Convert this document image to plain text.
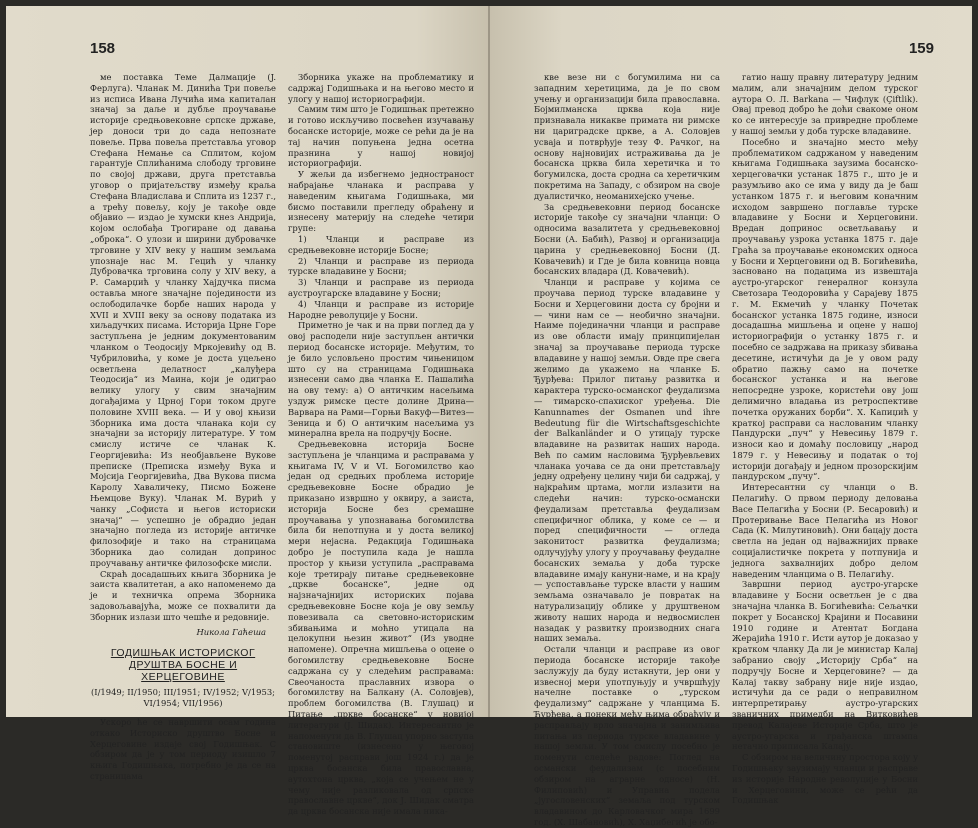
158

ме поставка Теме Далмацијe (J. Ферлуга). Чланак М. Динића Три повеље из исписа Ивана Лучића има капиталан значај за даље и дубље проучавање историје средњовековне српске државе, јер донoси три до сада непознате повеље. Прва повеља претставља уговор Стефана Немање са Сплитом, којом гарантује Сплићанима слободу трговине по својој држави, друга претставља уговор о пријатељству између краља Стефана Владислава и Сплита из 1237 г., а трећу повељу, коју је такође овде објавио — издао је хумски кнез Андрија, којом ослобађа Трогиране од давања „оброка“. О улози и ширини дубровачке трговине у XIV веку у нашим земљама упознаје нас М. Гецић у чланку Дубровачка трговина солу у XIV веку, а Р. Самарџић у чланку Хајдучка писма оставља многе значајне појединости из ослободилачке борбе наших народа у XVII и XVIII веку за основу података из хиљадучких писама. Историја Црне Горе заступљена је једним документованим чланком о Теодосију Мркојевићу од В. Чубриловића, у коме је доста уцељено осветљена делатност „калуђера Теодосија“ из Маина, који је одигрaо велику улогу у свим значајним догађајима у Црној Гори током друге половине XVIII века. — И у овој књизи Зборника има доста чланака који су значајни за историју литературе. У том смислу истиче се чланак К. Георгијевића: Из необјављене Вукове преписке (Преписка између Вука и Мојсија Георгијевића, Два Вукова писма Каролу Хаваличеку, Писмо Божене Њемцове Вуку). Чланак М. Вурић у чанку „Софистa и његов историски значај“ — успешно је обрадио један значајно погледа из историје античке филозофије и тако на страницама Зборника дао солидан допринос проучавању античке филозофске мисли.

Скраћ досадашњих књига Зборника је заиста квалитетан, а ако напоменемо да је и техничка опрема Зборника задовољавајућа, може се похвалити да Зборник излази што чешће и редовније.

Никола Гаћеша
ГОДИШЊАК ИСТОРИСКОГ ДРУШТВА БОСНЕ И ХЕРЦЕГОВИНЕ
(I/1949; II/1950; III/1951; IV/1952; V/1953; VI/1954; VII/1956)

Ускоро ће се навршити осам година откако Историско друштво Босне и Херцеговине издаје свој Годишњак. С обзиром да је у том периоду изишло 7 књига Годишњака, потребно је да се на страницама

Зборника укаже на проблематику и садржај Годишњака и на његово место и улогу у нашој историографији.

Самим тим што је Годишњак претежно и готово искључиво посвећен изучавању босанске историје, може се рећи да је на тај начин попуњена једна осетна празнина у нашој новијој историографији.

У жељи да избегнемо једностраност набрајање чланака и расправа у наведеним књигама Годишњака, ми бисмо поставили прегледу обраћену и изнесену материју на следеће четири групе:

1) Чланци и расправе из средњевековне историје Босне;

2) Чланци и расправе из периода турске владавине у Босни;

3) Чланци и расправе из периода аустроугарске владавине у Босни;

4) Чланци и расправе из историје Народне револуције у Босни.

Приметно је чак и на први поглед да у овој расподели није заступљен антички период босанске историје. Међутим, то је било условљено простим чињеницом што су на страницама Годишњака изнесени само два чланка Е. Пашалића на ову тему: а) О античким насељима уздуж римске цесте долине Дрина—Варвара на Рами—Горњи Вакуф—Витез—Зеница и б) О античким насељима уз минерална врела на подручју Босне.

Средњевековна историја Босне заступљена је чланцима и расправама у књигама IV, V и VI. Богомилство као један од средњих проблема историје средњевековне Босне обрадио је приказанo извршно у оквиру, а заиста, историја Босне без сремашне проучавања у упознавања богомилства била би непотпуна и у доста великој мери нејасна. Редакција Годишњака добро је поступила када је нашла простор у књизи уступила „расправама које третирају питање средњевековне „црквe босанскe“, једне од најзначајнијих историских појава средњевековне Босне која је ову земљу повезивала са световно-историским збивањима и мoћно утицала на целокупни њезин живот“ (Из уводне напомене). Опречна мишљења о оцене о богомилству средњевековне Босне садржана су у следећим расправама: Свеочаноста праславних извора о богомилству на Балкану (А. Соловјев), проблем богомилства (В. Глушац) и Питање „цркве босанскe“ у новијој литератури (Ј. Шидак). Интересантно је напоменути да В. Глушац упорно заступа становиште (изнесено у његовој поменутој расправи још 1924 г.) да је црква босанска била православна, аутохтона црква, „која се учењем не у чему није разликовала од српске православне цркве“, док Ј. Шидак сматра да црква босанска није имала ника-

159

кве везе ни с богумилима ни са западним херетицима, да је по свом учењу и организацији била православна. Бојмилманска црква која није признавала никакве примата ни римске ни цариградске цркве, а А. Соловјев усваја и потврђује тезу Ф. Рачког, на основу најновијих истраживања да је босанска црква била херетичка и то богумилска, доста сродна са херетичким покретима на Западу, с обзиром на своје дуалистичко, неоманихејско учење.

За средњевековни период босанске историје такође су значајни чланци: О односима вазалитета у средњевековној Босни (А. Бабић), Развој и организација царина у средњевековној Босни (Д. Ковачевић) и Где је била ковница новца босанских владара (Д. Ковачевић).

Чланци и расправе у којима се проучава период турске владавине у Босни и Херцеговини доста су бројни и — чини нам се — необично значајни. Наиме појединачни чланци и расправе из ове области имају принципијелан значај за проучавање периода турске владавине у нашој земљи. Овде пре свега желимо да укажемо на чланке Б. Ђурђева: Прилог питању развитка и карактера турско-османског феудализма — тимарско-спахиског уређења. Die Kanunnames der Osmanen und ihre Bedeutung für die Wirtschaftsgeschichte der Balkanländer и О утицају турске владавине на развитак наших народа. Већ по самим насловима Ђурђевљевих чланака уочава се да они претстављају једну одређену целину чији би садржај, у најкраћим цртама, могли излазити на следећи начин: турско-османски феудализам претставља феудализам специфичног облика, у коме се — и поред специфичности — огледа законитост развитка феудализма; одлучујућу улогу у проучавању феудалне босанских земаља у доба турске владавине имају кануни-наме, и на крају — успостављање турске власти у нашим земљама означавало је повратак на натурализацију облике у друштвеном животу наших народа и недвосмислен назадак у развитку производних снага наших земаља.

Остали чланци и расправе из овог периода босанске историје такође заслужују да буду истакнути, јер они у извесној мери употпуњују и учвршћују начелне поставке о „турском феудализму“ садржане у чланцима Б. Ђурђева, а понеки мећу њима обрађују и расправљају врло значајна и занимљива питања из периода турске владавине у нашој земљи. У том смислу посебно је поменути следеће радове: Поглед на османски феудализам (с посебним обзиром на аграрне односе) (Н. Филиповић) и Управна подела „југословенских“ земаља под турском владавином до Карловачког мира 1699 год. (Х. Шабановић), Х. Хаџибегић је обо-

гатио нашу правну литературу једним малим, али значајним делом турског аутора О. Л. Barkana — Чифлук (Çiftlik). Овај превод добро ће доћи свакоме оном ко се интересује за привредне проблеме у нашој земљи у доба турске владавине.

Посебно и значајно место међу проблематиком садржаном у наведеним књигама Годишњака заузима босанско-херцеговачки устанак 1875 г., што је и разумљиво ако се има у виду да је баш устанком 1875 г. и његовим коначним исходом завршено поглавље турске владавине у Босни и Херцеговини. Вредан допринос осветљавању и проучавању узрока устанка 1875 г. даје Граћа за проучавање економских односа у Босни и Херцеговини од В. Богићевића, засновано на подацима из извештаја аустро-угарског генералног конзула Светозара Теодоровића у Сарајеву 1875 г. М. Екмечић у чланку Почетак босанског устанка 1875 године, износи досадашња мишљења и оцене у нашој историографији о устанку 1875 г. и посебно се задржава на приказу збивања десетине, истичући да је у овом раду обратио пажњу само на почетке босанског устанка и на његове непосредне узроке, користећи ову још делимично владања из ретроспективе почетка оружаних борби“. Х. Капиџић у краткој расправи са наслованим чланку Пандурски „пуч“ у Невесињу 1879 г. износи као и домаћу пословицу „народ 1879 г. у Невесињу и податак о тој историји догађају и једном прозорскијим пандурском „пучу“.

Интересантни су чланци о В. Пелагићу. О првом периоду деловања Васе Пелагића у Босни (Р. Бесаровић) и Протеривање Васе Пелагића из Новог Сада (К. Милутиновић). Они бацају доста светла на један од најважнијих прваке социјалистичке покрета у потпунија и једнога захвалнијих добро делом наведеним чланцима о В. Пелагићу.

Завршни период аустро-угарске владавине у Босни осветљен је с два значајна чланка В. Богићевића: Сељачки покрет у Босанској Крајини и Посавини 1910 године и Атентат Богдана Жерајића 1910 г. Исти аутор је доказао у кратком чланку Да ли је министар Калај забранио своју „Историју Срба“ на подручју Босне и Херцеговине? — да Калај такву забрану није није издао, истичући да се ради о неправилном интерпретирању аустро-угарских званичних примедби на Витковићев превод Калајеве Историје Срба, што је аустро-угарска и грађанска штампа нетачно приписала Калају.

С обзиром на величину простора коју у Годишњаку заузимају чланци и расправе из историје Народне револуције у Босни и Херцеговини, може се рећи да Годишњак
